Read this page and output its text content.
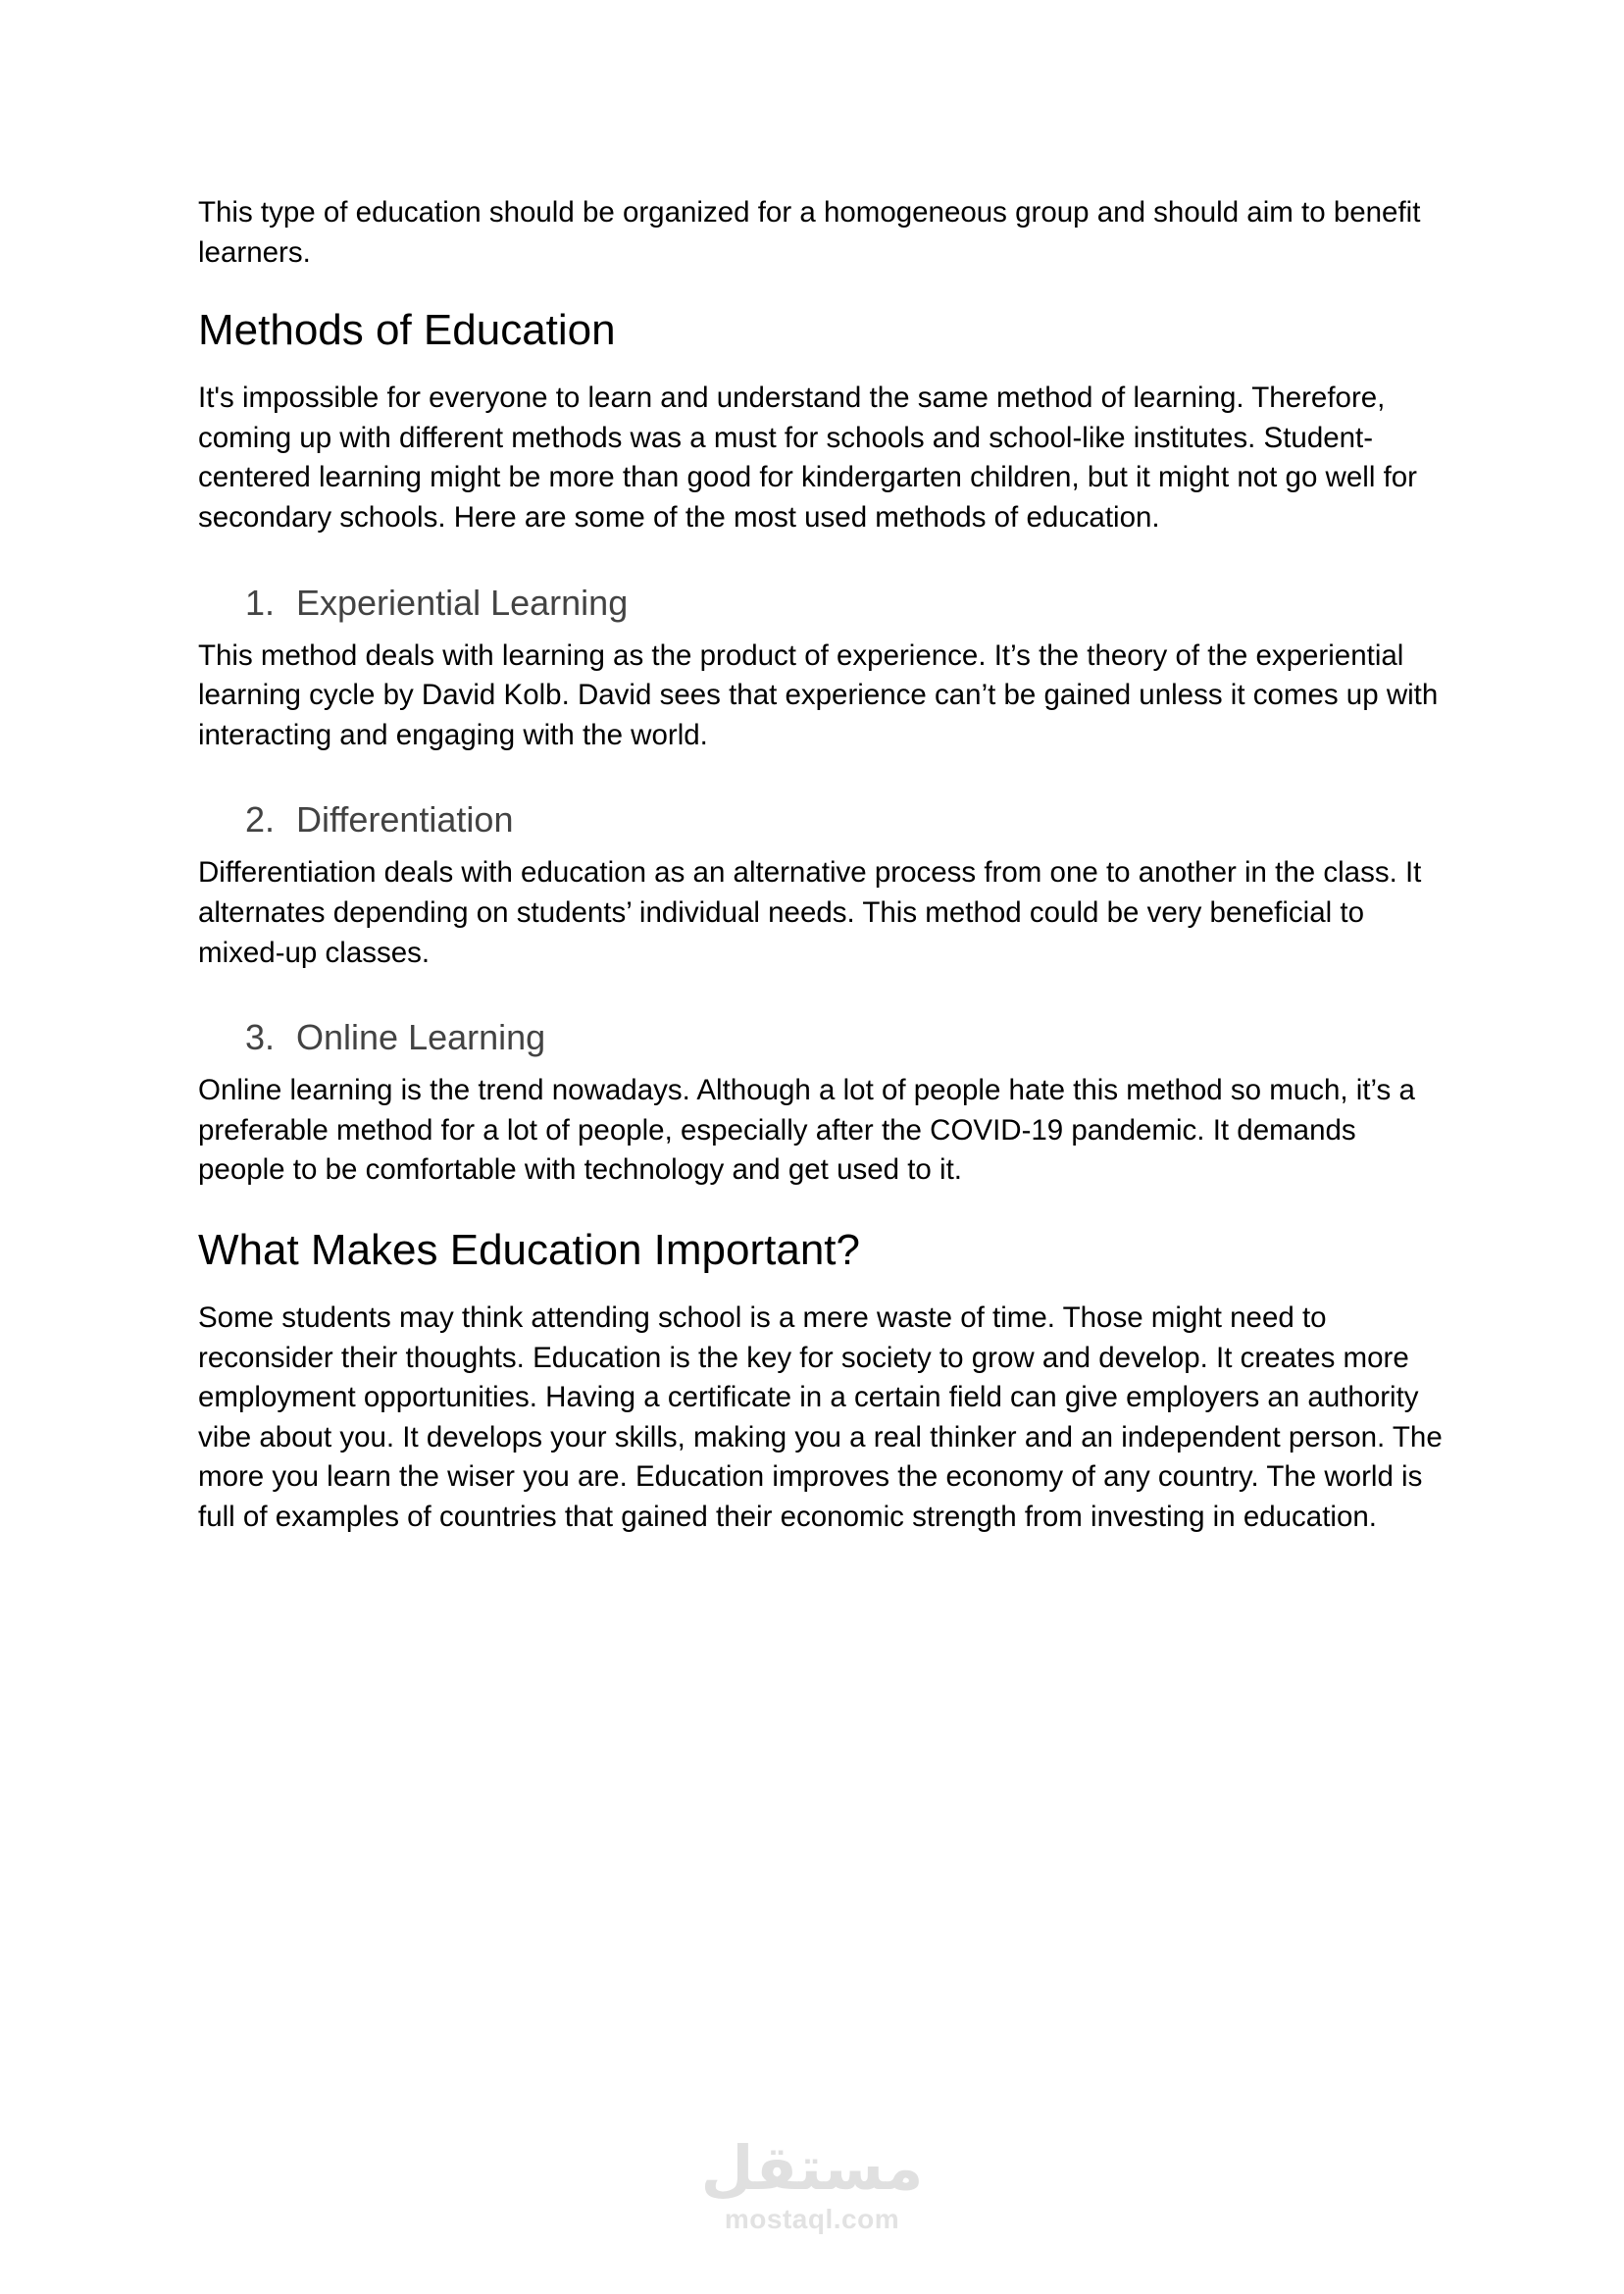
This type of education should be organized for a homogeneous group and should aim to benefit learners.

Methods of Education

It's impossible for everyone to learn and understand the same method of learning. Therefore, coming up with different methods was a must for schools and school-like institutes. Student-centered learning might be more than good for kindergarten children, but it might not go well for secondary schools. Here are some of the most used methods of education.

1. Experiential Learning

This method deals with learning as the product of experience. It’s the theory of the experiential learning cycle by David Kolb. David sees that experience can’t be gained unless it comes up with interacting and engaging with the world.

2. Differentiation

Differentiation deals with education as an alternative process from one to another in the class. It alternates depending on students’ individual needs. This method could be very beneficial to mixed-up classes.

3. Online Learning

Online learning is the trend nowadays. Although a lot of people hate this method so much, it’s a preferable method for a lot of people, especially after the COVID-19 pandemic. It demands people to be comfortable with technology and get used to it.

What Makes Education Important?

Some students may think attending school is a mere waste of time. Those might need to reconsider their thoughts. Education is the key for society to grow and develop. It creates more employment opportunities. Having a certificate in a certain field can give employers an authority vibe about you. It develops your skills, making you a real thinker and an independent person. The more you learn the wiser you are. Education improves the economy of any country. The world is full of examples of countries that gained their economic strength from investing in education.

مستقل
mostaql.com
